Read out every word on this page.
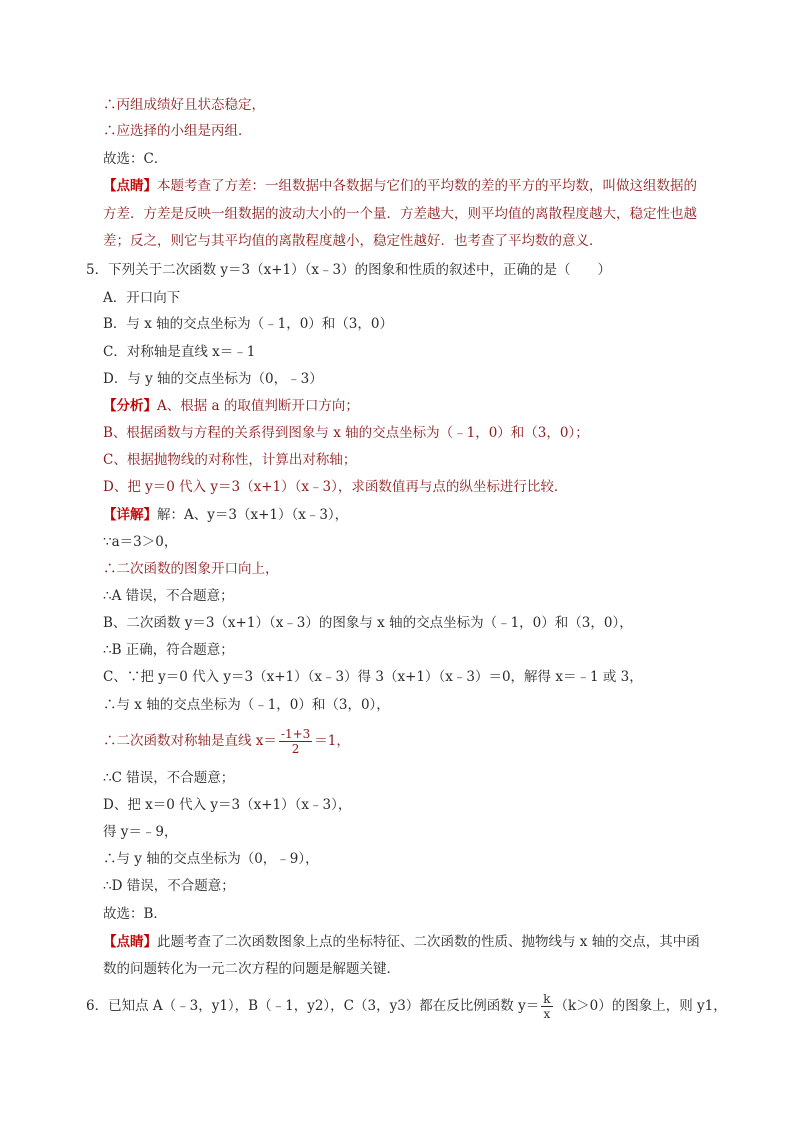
∴丙组成绩好且状态稳定，
∴应选择的小组是丙组．
故选：C．
【点睛】本题考查了方差：一组数据中各数据与它们的平均数的差的平方的平均数，叫做这组数据的
方差．方差是反映一组数据的波动大小的一个量．方差越大，则平均值的离散程度越大，稳定性也越
差；反之，则它与其平均值的离散程度越小，稳定性越好．也考查了平均数的意义．
5．下列关于二次函数 y＝3（x+1）（x﹣3）的图象和性质的叙述中，正确的是（　　）
A．开口向下
B．与 x 轴的交点坐标为（﹣1，0）和（3，0）
C．对称轴是直线 x＝﹣1
D．与 y 轴的交点坐标为（0，﹣3）
【分析】A、根据 a 的取值判断开口方向；
B、根据函数与方程的关系得到图象与 x 轴的交点坐标为（﹣1，0）和（3，0）；
C、根据抛物线的对称性，计算出对称轴；
D、把 y＝0 代入 y＝3（x+1）（x﹣3），求函数值再与点的纵坐标进行比较．
【详解】解：A、y＝3（x+1）（x﹣3），
∵a＝3＞0，
∴二次函数的图象开口向上，
∴A 错误，不合题意；
B、二次函数 y＝3（x+1）（x﹣3）的图象与 x 轴的交点坐标为（﹣1，0）和（3，0），
∴B 正确，符合题意；
C、∵把 y＝0 代入 y＝3（x+1）（x﹣3）得 3（x+1）（x﹣3）＝0，解得 x＝﹣1 或 3，
∴与 x 轴的交点坐标为（﹣1，0）和（3，0），
∴二次函数对称轴是直线 $x= \frac{-1+3}{2} =1$，
∴C 错误，不合题意；
D、把 x＝0 代入 y＝3（x+1）（x﹣3），
得 y＝﹣9，
∴与 y 轴的交点坐标为（0，﹣9），
∴D 错误，不合题意；
故选：B．
【点睛】此题考查了二次函数图象上点的坐标特征、二次函数的性质、抛物线与 x 轴的交点，其中函
数的问题转化为一元二次方程的问题是解题关键．
6．已知点 A（﹣3，y1），B（﹣1，y2），C（3，y3）都在反比例函数 $y= \frac{k}{x} (k>0)$的图象上，则 y1，
